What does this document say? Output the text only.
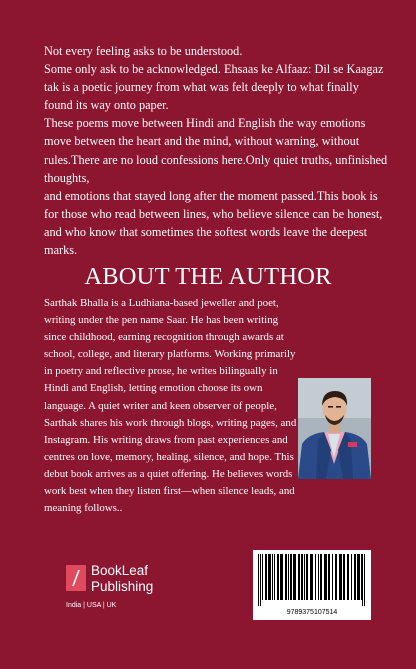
Not every feeling asks to be understood.

Some only ask to be acknowledged. Ehsaas ke Alfaaz: Dil se Kaagaz tak is a poetic journey from what was felt deeply to what finally found its way onto paper.

These poems move between Hindi and English the way emotions move between the heart and the mind, without warning, without rules.There are no loud confessions here.Only quiet truths, unfinished thoughts,

and emotions that stayed long after the moment passed.This book is for those who read between lines, who believe silence can be honest, and who know that sometimes the softest words leave the deepest marks.

ABOUT THE AUTHOR

Sarthak Bhalla is a Ludhiana-based jeweller and poet, writing under the pen name Saar. He has been writing since childhood, earning recognition through awards at school, college, and literary platforms. Working primarily in poetry and reflective prose, he writes bilingually in Hindi and English, letting emotion choose its own language. A quiet writer and keen observer of people, Sarthak shares his work through blogs, writing pages, and Instagram. His writing draws from past experiences and centres on love, memory, healing, silence, and hope. This debut book arrives as a quiet offering. He believes words work best when they listen first—when silence leads, and meaning follows..

BookLeaf
Publishing
India | USA | UK
9789375107514
